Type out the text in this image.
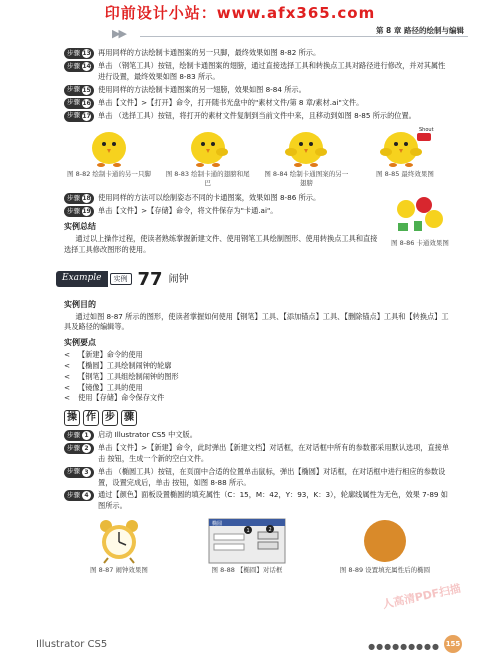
印前设计小站：www.afx365.com
▶▶	第 8 章 路径的绘制与编辑
步骤 13 再用同样的方法绘制卡通图案的另一只脚，最终效果如图 8-82 所示。
步骤 14 单击 （钢笔工具）按钮，绘制卡通图案的翅膀，通过直接选择工具和转换点工具对路径进行修改，并对其属性进行设置，最终效果如图 8-83 所示。
步骤 15 使用同样的方法绘制卡通图案的另一翅膀，效果如图 8-84 所示。
步骤 16 单击【文件】>【打开】命令，打开随书光盘中的"素材文件/第 8 章/素材.ai"文件。
步骤 17 单击 （选择工具）按钮，将打开的素材文件复制到当前文件中来，且移动到如图 8-85 所示的位置。
图 8-82 绘制卡通的另一只脚	图 8-83 绘制卡通的翅膀和尾巴
图 8-84 绘制卡通图案的另一翅膀
Shout
图 8-85 最终效果图
图 8-86 卡通效果图
步骤 18 使用同样的方法可以绘制姿态不同的卡通图案，效果如图 8-86 所示。
步骤 19 单击【文件】>【存储】命令，将文件保存为"卡通.ai"。
实例总结

通过以上操作过程，使读者熟练掌握新建文件、使用钢笔工具绘制图形、使用转换点工具和直接选择工具修改图形的使用。

Example	实例 77 闹钟
实例目的

通过如图 8-87 所示的图形，使读者掌握如何使用【钢笔】工具、【添加锚点】工具、【删除锚点】工具和【转换点】工具及路径的编辑等。

实例要点
< 【新建】命令的使用
< 【椭圆】工具绘制闹钟的轮廓
< 【钢笔】工具组绘制闹钟的图形
< 【镜像】工具的使用
< 使用【存储】命令保存文件
操 作 步 骤
步骤 1	启动 Illustrator CS5 中文版。
步骤 2	单击【文件】>【新建】命令，此时弹出【新建文档】对话框，在对话框中所有的参数都采用默认选项，直接单击 按钮，生成一个新的空白文件。
步骤 3	单击 （椭圆工具）按钮，在页面中合适的位置单击鼠标，弹出【椭圆】对话框，在对话框中进行相应的参数设置，设置完成后，单击 按钮，如图 8-88 所示。
步骤 4	通过【颜色】面板设置椭圆的填充属性（C：15，M：42，Y：93，K：3），轮廓线属性为无色，效果 7-89 如图所示。
图 8-87 闹钟效果图
椭圆
1	2
图 8-88 【椭圆】对话框	图 8-89 设置填充属性后的椭圆
人高清PDF扫描
Illustrator CS5	●●●●●●●●● 155
